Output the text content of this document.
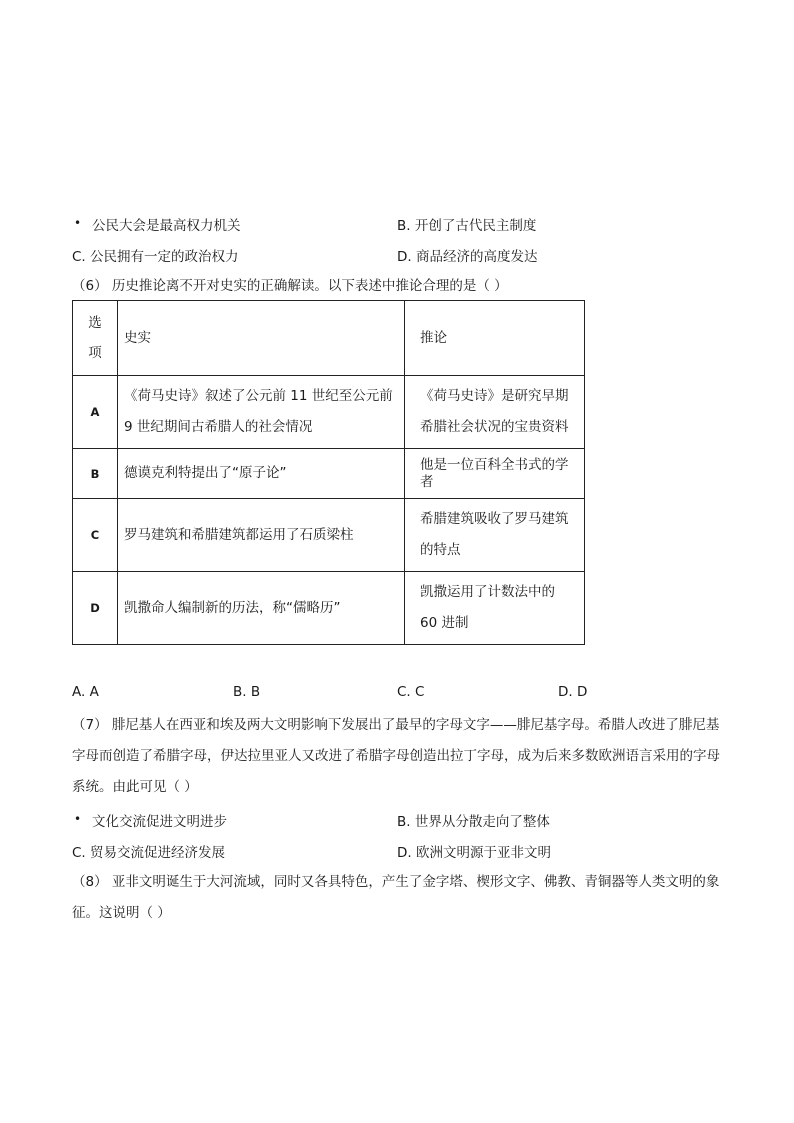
• 公民大会是最高权力机关	B. 开创了古代民主制度
C. 公民拥有一定的政治权力	D. 商品经济的高度发达
（6） 历史推论离不开对史实的正确解读。以下表述中推论合理的是（ ）
选项	史实	推论
A	《荷马史诗》叙述了公元前 11 世纪至公元前 9 世纪期间古希腊人的社会情况	《荷马史诗》是研究早期希腊社会状况的宝贵资料
B	德谟克利特提出了“原子论”	他是一位百科全书式的学者
C	罗马建筑和希腊建筑都运用了石质梁柱	希腊建筑吸收了罗马建筑的特点
D	凯撒命人编制新的历法，称“儒略历”	凯撒运用了计数法中的 60 进制
A. A	B. B	C. C	D. D
（7） 腓尼基人在西亚和埃及两大文明影响下发展出了最早的字母文字——腓尼基字母。希腊人改进了腓尼基字母而创造了希腊字母，伊达拉里亚人又改进了希腊字母创造出拉丁字母，成为后来多数欧洲语言采用的字母系统。由此可见（ ）
• 文化交流促进文明进步	B. 世界从分散走向了整体
C. 贸易交流促进经济发展	D. 欧洲文明源于亚非文明
（8） 亚非文明诞生于大河流域，同时又各具特色，产生了金字塔、楔形文字、佛教、青铜器等人类文明的象征。这说明（ ）
